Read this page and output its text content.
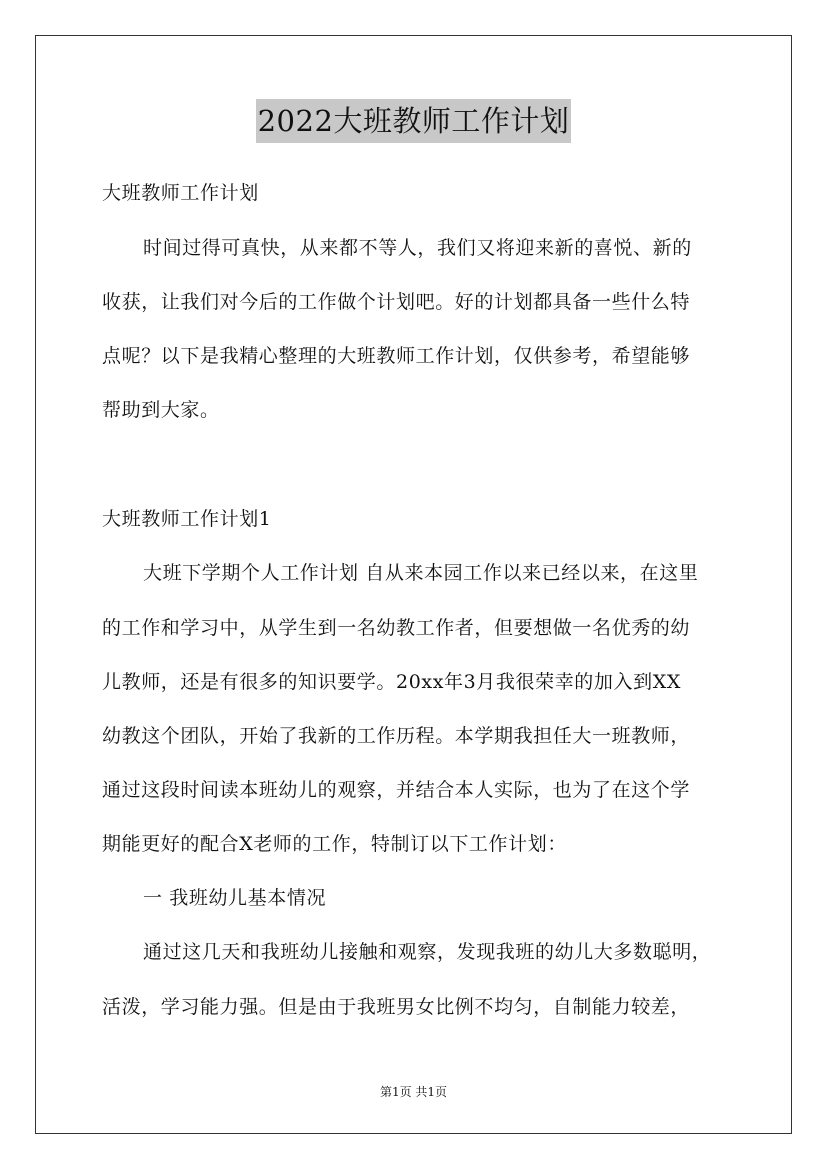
2022大班教师工作计划
大班教师工作计划
时间过得可真快，从来都不等人，我们又将迎来新的喜悦、新的
收获，让我们对今后的工作做个计划吧。好的计划都具备一些什么特
点呢？以下是我精心整理的大班教师工作计划，仅供参考，希望能够
帮助到大家。
大班教师工作计划1
大班下学期个人工作计划 自从来本园工作以来已经以来，在这里
的工作和学习中，从学生到一名幼教工作者，但要想做一名优秀的幼
儿教师，还是有很多的知识要学。20xx年3月我很荣幸的加入到XX
幼教这个团队，开始了我新的工作历程。本学期我担任大一班教师，
通过这段时间读本班幼儿的观察，并结合本人实际，也为了在这个学
期能更好的配合X老师的工作，特制订以下工作计划：
一 我班幼儿基本情况
通过这几天和我班幼儿接触和观察，发现我班的幼儿大多数聪明，
活泼，学习能力强。但是由于我班男女比例不均匀，自制能力较差，
第1页 共1页
